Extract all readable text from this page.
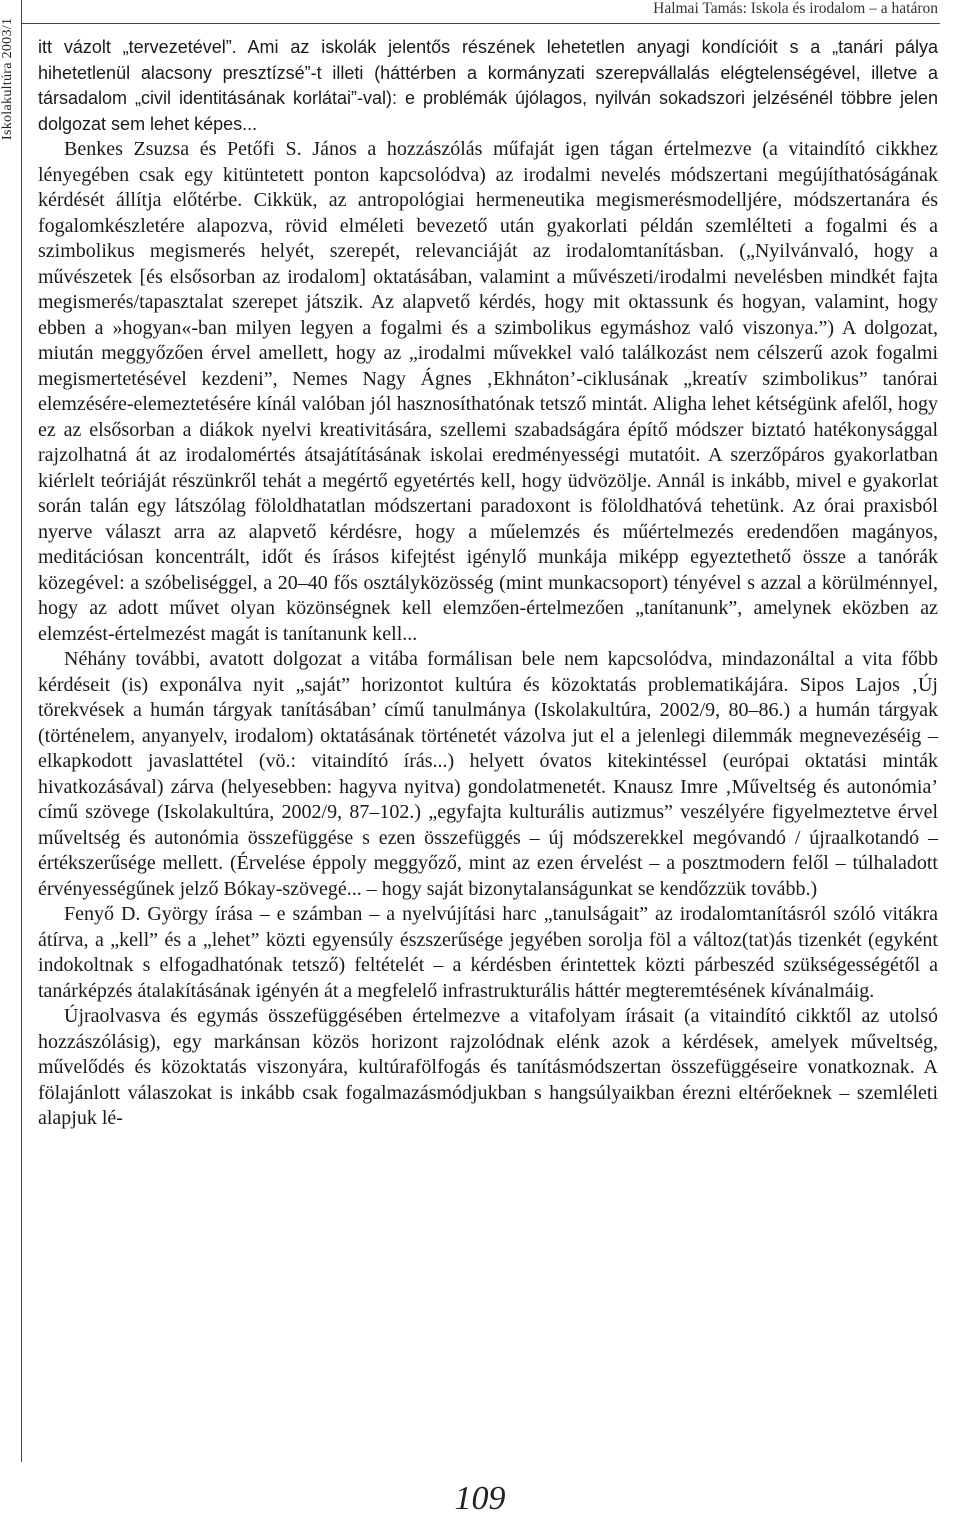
Iskolakultúra 2003/1
Halmai Tamás: Iskola és irodalom – a határon

itt vázolt „tervezetével”. Ami az iskolák jelentős részének lehetetlen anyagi kondícióit s a „tanári pálya hihetetlenül alacsony presztízsé”-t illeti (háttérben a kormányzati szerepvállalás elégtelenségével, illetve a társadalom „civil identitásának korlátai”-val): e problémák újólagos, nyilván sokadszori jelzésénél többre jelen dolgozat sem lehet képes...

Benkes Zsuzsa és Petőfi S. János a hozzászólás műfaját igen tágan értelmezve (a vitaindító cikkhez lényegében csak egy kitüntetett ponton kapcsolódva) az irodalmi nevelés módszertani megújíthatóságának kérdését állítja előtérbe. Cikkük, az antropológiai hermeneutika megismerésmodelljére, módszertanára és fogalomkészletére alapozva, rövid elméleti bevezető után gyakorlati példán szemlélteti a fogalmi és a szimbolikus megismerés helyét, szerepét, relevanciáját az irodalomtanításban. („Nyilvánvaló, hogy a művészetek [és elsősorban az irodalom] oktatásában, valamint a művészeti/irodalmi nevelésben mindkét fajta megismerés/tapasztalat szerepet játszik. Az alapvető kérdés, hogy mit oktassunk és hogyan, valamint, hogy ebben a »hogyan«-ban milyen legyen a fogalmi és a szimbolikus egymáshoz való viszonya.”) A dolgozat, miután meggyőzően érvel amellett, hogy az „irodalmi művekkel való találkozást nem célszerű azok fogalmi megismertetésével kezdeni”, Nemes Nagy Ágnes ‚Ekhnáton’-ciklusának „kreatív szimbolikus” tanórai elemzésére-elemeztetésére kínál valóban jól hasznosíthatónak tetsző mintát. Aligha lehet kétségünk afelől, hogy ez az elsősorban a diákok nyelvi kreativitására, szellemi szabadságára építő módszer biztató hatékonysággal rajzolhatná át az irodalomértés átsajátításának iskolai eredményességi mutatóit. A szerzőpáros gyakorlatban kiérlelt teóriáját részünkről tehát a megértő egyetértés kell, hogy üdvözölje. Annál is inkább, mivel e gyakorlat során talán egy látszólag föloldhatatlan módszertani paradoxont is föloldhatóvá tehetünk. Az órai praxisból nyerve választ arra az alapvető kérdésre, hogy a műelemzés és műértelmezés eredendően magányos, meditációsan koncentrált, időt és írásos kifejtést igénylő munkája miképp egyeztethető össze a tanórák közegével: a szóbeliséggel, a 20–40 fős osztályközösség (mint munkacsoport) tényével s azzal a körülménnyel, hogy az adott művet olyan közönségnek kell elemzően-értelmezően „tanítanunk”, amelynek eközben az elemzést-értelmezést magát is tanítanunk kell...

Néhány további, avatott dolgozat a vitába formálisan bele nem kapcsolódva, mindazonáltal a vita főbb kérdéseit (is) exponálva nyit „saját” horizontot kultúra és közoktatás problematikájára. Sipos Lajos ‚Új törekvések a humán tárgyak tanításában’ című tanulmánya (Iskolakultúra, 2002/9, 80–86.) a humán tárgyak (történelem, anyanyelv, irodalom) oktatásának történetét vázolva jut el a jelenlegi dilemmák megnevezéséig – elkapkodott javaslattétel (vö.: vitaindító írás...) helyett óvatos kitekintéssel (európai oktatási minták hivatkozásával) zárva (helyesebben: hagyva nyitva) gondolatmenetét. Knausz Imre ‚Műveltség és autonómia’ című szövege (Iskolakultúra, 2002/9, 87–102.) „egyfajta kulturális autizmus” veszélyére figyelmeztetve érvel műveltség és autonómia összefüggése s ezen összefüggés – új módszerekkel megóvandó / újraalkotandó – értékszerűsége mellett. (Érvelése éppoly meggyőző, mint az ezen érvelést – a posztmodern felől – túlhaladott érvényességűnek jelző Bókay-szövegé... – hogy saját bizonytalanságunkat se kendőzzük tovább.)

Fenyő D. György írása – e számban – a nyelvújítási harc „tanulságait” az irodalomtanításról szóló vitákra átírva, a „kell” és a „lehet” közti egyensúly észszerűsége jegyében sorolja föl a változ(tat)ás tizenkét (egyként indokoltnak s elfogadhatónak tetsző) feltételét – a kérdésben érintettek közti párbeszéd szükségességétől a tanárképzés átalakításának igényén át a megfelelő infrastrukturális háttér megteremtésének kívánalmáig.

Újraolvasva és egymás összefüggésében értelmezve a vitafolyam írásait (a vitaindító cikktől az utolsó hozzászólásig), egy markánsan közös horizont rajzolódnak elénk azok a kérdések, amelyek műveltség, művelődés és közoktatás viszonyára, kultúrafölfogás és tanításmódszertan összefüggéseire vonatkoznak. A fölajánlott válaszokat is inkább csak fogalmazásmódjukban s hangsúlyaikban érezni eltérőeknek – szemléleti alapjuk lé-

109
